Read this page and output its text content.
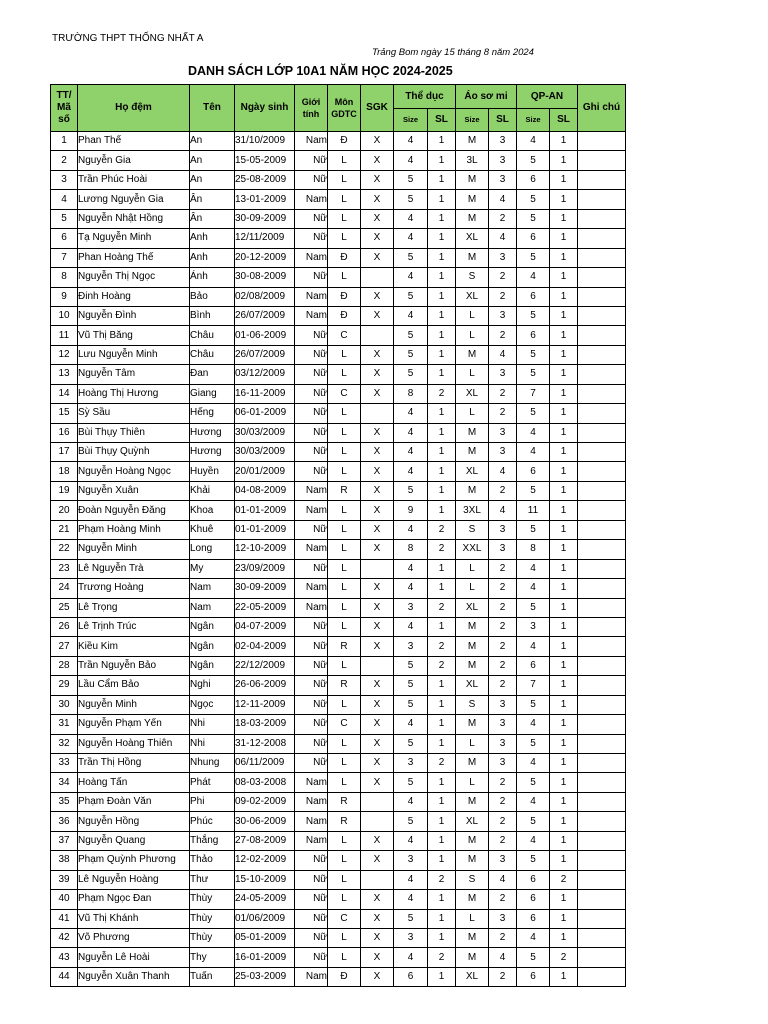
TRƯỜNG THPT THỐNG NHẤT A
Trảng Bom ngày 15 tháng 8 năm 2024
DANH SÁCH LỚP 10A1 NĂM HỌC 2024-2025
TT/ Mã số	Họ đệm	Tên	Ngày sinh	Giới tính	Môn GDTC	SGK	Thể dục		Áo sơ mi		QP-AN		Ghi chú
							Size	SL	Size	SL	Size	SL	
1	Phan Thế	An	31/10/2009	Nam	Đ	X	4	1	M	3	4	1	
2	Nguyễn Gia	An	15-05-2009	Nữ	L	X	4	1	3L	3	5	1	
3	Trần Phúc Hoài	An	25-08-2009	Nữ	L	X	5	1	M	3	6	1	
4	Lương Nguyễn Gia	Ân	13-01-2009	Nam	L	X	5	1	M	4	5	1	
5	Nguyễn Nhật Hồng	Ân	30-09-2009	Nữ	L	X	4	1	M	2	5	1	
6	Tạ Nguyễn Minh	Anh	12/11/2009	Nữ	L	X	4	1	XL	4	6	1	
7	Phan Hoàng Thế	Anh	20-12-2009	Nam	Đ	X	5	1	M	3	5	1	
8	Nguyễn Thị Ngọc	Ánh	30-08-2009	Nữ	L		4	1	S	2	4	1	
9	Đinh Hoàng	Bảo	02/08/2009	Nam	Đ	X	5	1	XL	2	6	1	
10	Nguyễn Đình	Bình	26/07/2009	Nam	Đ	X	4	1	L	3	5	1	
11	Vũ Thị Băng	Châu	01-06-2009	Nữ	C		5	1	L	2	6	1	
12	Lưu Nguyễn Minh	Châu	26/07/2009	Nữ	L	X	5	1	M	4	5	1	
13	Nguyễn Tâm	Đan	03/12/2009	Nữ	L	X	5	1	L	3	5	1	
14	Hoàng Thị Hương	Giang	16-11-2009	Nữ	C	X	8	2	XL	2	7	1	
15	Sỳ Sầu	Hếng	06-01-2009	Nữ	L		4	1	L	2	5	1	
16	Bùi Thụy Thiên	Hương	30/03/2009	Nữ	L	X	4	1	M	3	4	1	
17	Bùi Thụy Quỳnh	Hương	30/03/2009	Nữ	L	X	4	1	M	3	4	1	
18	Nguyễn Hoàng Ngọc	Huyền	20/01/2009	Nữ	L	X	4	1	XL	4	6	1	
19	Nguyễn Xuân	Khải	04-08-2009	Nam	R	X	5	1	M	2	5	1	
20	Đoàn Nguyễn Đăng	Khoa	01-01-2009	Nam	L	X	9	1	3XL	4	11	1	
21	Phạm Hoàng Minh	Khuê	01-01-2009	Nữ	L	X	4	2	S	3	5	1	
22	Nguyễn Minh	Long	12-10-2009	Nam	L	X	8	2	XXL	3	8	1	
23	Lê Nguyễn Trà	My	23/09/2009	Nữ	L		4	1	L	2	4	1	
24	Trương Hoàng	Nam	30-09-2009	Nam	L	X	4	1	L	2	4	1	
25	Lê Trọng	Nam	22-05-2009	Nam	L	X	3	2	XL	2	5	1	
26	Lê Trịnh Trúc	Ngân	04-07-2009	Nữ	L	X	4	1	M	2	3	1	
27	Kiều Kim	Ngân	02-04-2009	Nữ	R	X	3	2	M	2	4	1	
28	Trần Nguyễn Bảo	Ngân	22/12/2009	Nữ	L		5	2	M	2	6	1	
29	Lầu Cẩm Bảo	Nghi	26-06-2009	Nữ	R	X	5	1	XL	2	7	1	
30	Nguyễn Minh	Ngọc	12-11-2009	Nữ	L	X	5	1	S	3	5	1	
31	Nguyễn Phạm Yến	Nhi	18-03-2009	Nữ	C	X	4	1	M	3	4	1	
32	Nguyễn Hoàng Thiên	Nhi	31-12-2008	Nữ	L	X	5	1	L	3	5	1	
33	Trần Thị Hồng	Nhung	06/11/2009	Nữ	L	X	3	2	M	3	4	1	
34	Hoàng Tấn	Phát	08-03-2008	Nam	L	X	5	1	L	2	5	1	
35	Phạm Đoàn Văn	Phi	09-02-2009	Nam	R		4	1	M	2	4	1	
36	Nguyễn Hồng	Phúc	30-06-2009	Nam	R		5	1	XL	2	5	1	
37	Nguyễn Quang	Thắng	27-08-2009	Nam	L	X	4	1	M	2	4	1	
38	Phạm Quỳnh Phương	Thảo	12-02-2009	Nữ	L	X	3	1	M	3	5	1	
39	Lê Nguyễn Hoàng	Thư	15-10-2009	Nữ	L		4	2	S	4	6	2	
40	Phạm Ngọc Đan	Thùy	24-05-2009	Nữ	L	X	4	1	M	2	6	1	
41	Vũ Thị Khánh	Thùy	01/06/2009	Nữ	C	X	5	1	L	3	6	1	
42	Võ Phương	Thùy	05-01-2009	Nữ	L	X	3	1	M	2	4	1	
43	Nguyễn Lê Hoài	Thy	16-01-2009	Nữ	L	X	4	2	M	4	5	2	
44	Nguyễn Xuân Thanh	Tuấn	25-03-2009	Nam	Đ	X	6	1	XL	2	6	1	
